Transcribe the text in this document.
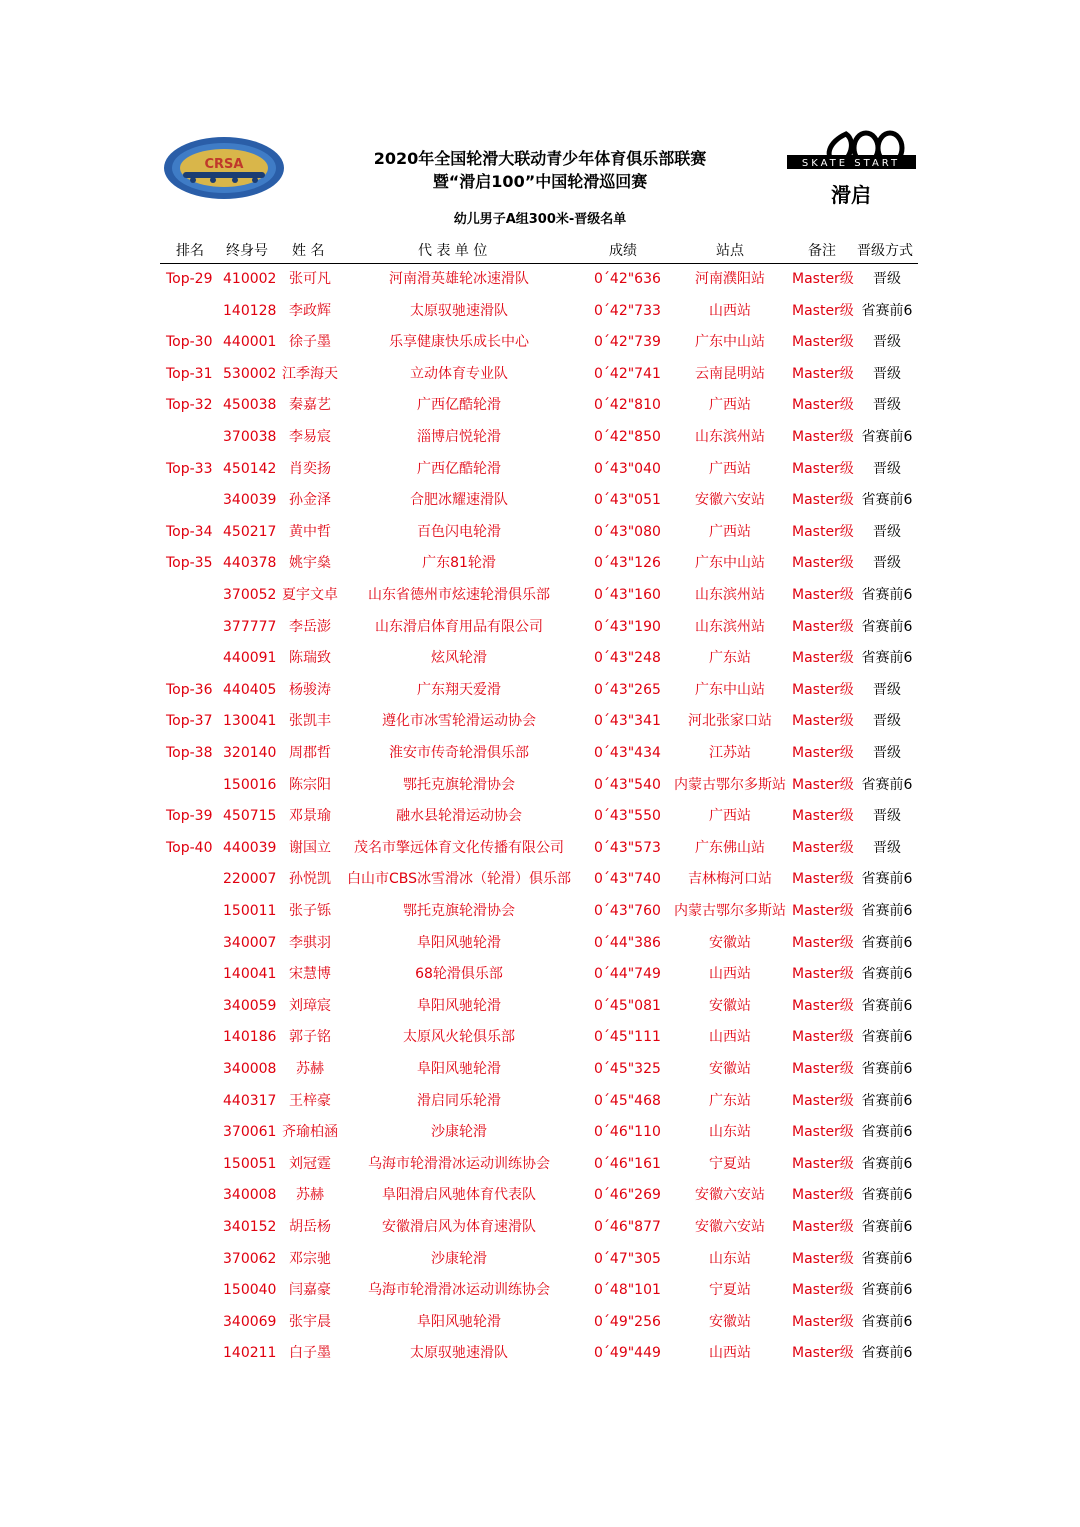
CRSA	SKATE START
滑启
2020年全国轮滑大联动青少年体育俱乐部联赛
暨“滑启100”中国轮滑巡回赛
幼儿男子A组300米-晋级名单
排名 终身号 姓 名	代 表 单 位	成绩	站点	备注 晋级方式
Top-29 410002 张可凡	河南滑英雄轮冰速滑队	0´42"636	河南濮阳站	Master级	晋级
140128 李政辉	太原驭驰速滑队	0´42"733	山西站	Master级 省赛前6
Top-30 440001 徐子墨	乐享健康快乐成长中心	0´42"739	广东中山站	Master级	晋级
Top-31 530002 江季海天	立动体育专业队	0´42"741	云南昆明站	Master级	晋级
Top-32 450038 秦嘉艺	广西亿酷轮滑	0´42"810	广西站	Master级	晋级
370038 李易宸	淄博启悦轮滑	0´42"850	山东滨州站	Master级 省赛前6
Top-33 450142 肖奕扬	广西亿酷轮滑	0´43"040	广西站	Master级	晋级
340039 孙金泽	合肥冰耀速滑队	0´43"051	安徽六安站	Master级 省赛前6
Top-34 450217 黄中哲	百色闪电轮滑	0´43"080	广西站	Master级	晋级
Top-35 440378 姚宇燊	广东81轮滑	0´43"126	广东中山站	Master级	晋级
370052 夏宇文卓	山东省德州市炫速轮滑俱乐部	0´43"160	山东滨州站	Master级 省赛前6
377777 李岳澎	山东滑启体育用品有限公司	0´43"190	山东滨州站	Master级 省赛前6
440091 陈瑞致	炫风轮滑	0´43"248	广东站	Master级 省赛前6
Top-36 440405 杨骏涛	广东翔天爱滑	0´43"265	广东中山站	Master级	晋级
Top-37 130041 张凯丰	遵化市冰雪轮滑运动协会	0´43"341	河北张家口站	Master级	晋级
Top-38 320140 周郡哲	淮安市传奇轮滑俱乐部	0´43"434	江苏站	Master级	晋级
150016 陈宗阳	鄂托克旗轮滑协会	0´43"540 内蒙古鄂尔多斯站 Master级 省赛前6
Top-39 450715 邓景瑜	融水县轮滑运动协会	0´43"550	广西站	Master级	晋级
Top-40 440039 谢国立	茂名市擎远体育文化传播有限公司	0´43"573	广东佛山站	Master级	晋级
220007 孙悦凯	白山市CBS冰雪滑冰（轮滑）俱乐部 0´43"740	吉林梅河口站	Master级 省赛前6
150011 张子铄	鄂托克旗轮滑协会	0´43"760 内蒙古鄂尔多斯站 Master级 省赛前6
340007 李骐羽	阜阳风驰轮滑	0´44"386	安徽站	Master级 省赛前6
140041 宋慧博	68轮滑俱乐部	0´44"749	山西站	Master级 省赛前6
340059 刘璋宸	阜阳风驰轮滑	0´45"081	安徽站	Master级 省赛前6
140186 郭子铭	太原风火轮俱乐部	0´45"111	山西站	Master级 省赛前6
340008	苏赫	阜阳风驰轮滑	0´45"325	安徽站	Master级 省赛前6
440317 王梓豪	滑启同乐轮滑	0´45"468	广东站	Master级 省赛前6
370061 齐瑜柏涵	沙康轮滑	0´46"110	山东站	Master级 省赛前6
150051 刘冠霆	乌海市轮滑滑冰运动训练协会	0´46"161	宁夏站	Master级 省赛前6
340008	苏赫	阜阳滑启风驰体育代表队	0´46"269	安徽六安站	Master级 省赛前6
340152 胡岳杨	安徽滑启风为体育速滑队	0´46"877	安徽六安站	Master级 省赛前6
370062 邓宗驰	沙康轮滑	0´47"305	山东站	Master级 省赛前6
150040 闫嘉豪	乌海市轮滑滑冰运动训练协会	0´48"101	宁夏站	Master级 省赛前6
340069 张宇晨	阜阳风驰轮滑	0´49"256	安徽站	Master级 省赛前6
140211 白子墨	太原驭驰速滑队	0´49"449	山西站	Master级 省赛前6
